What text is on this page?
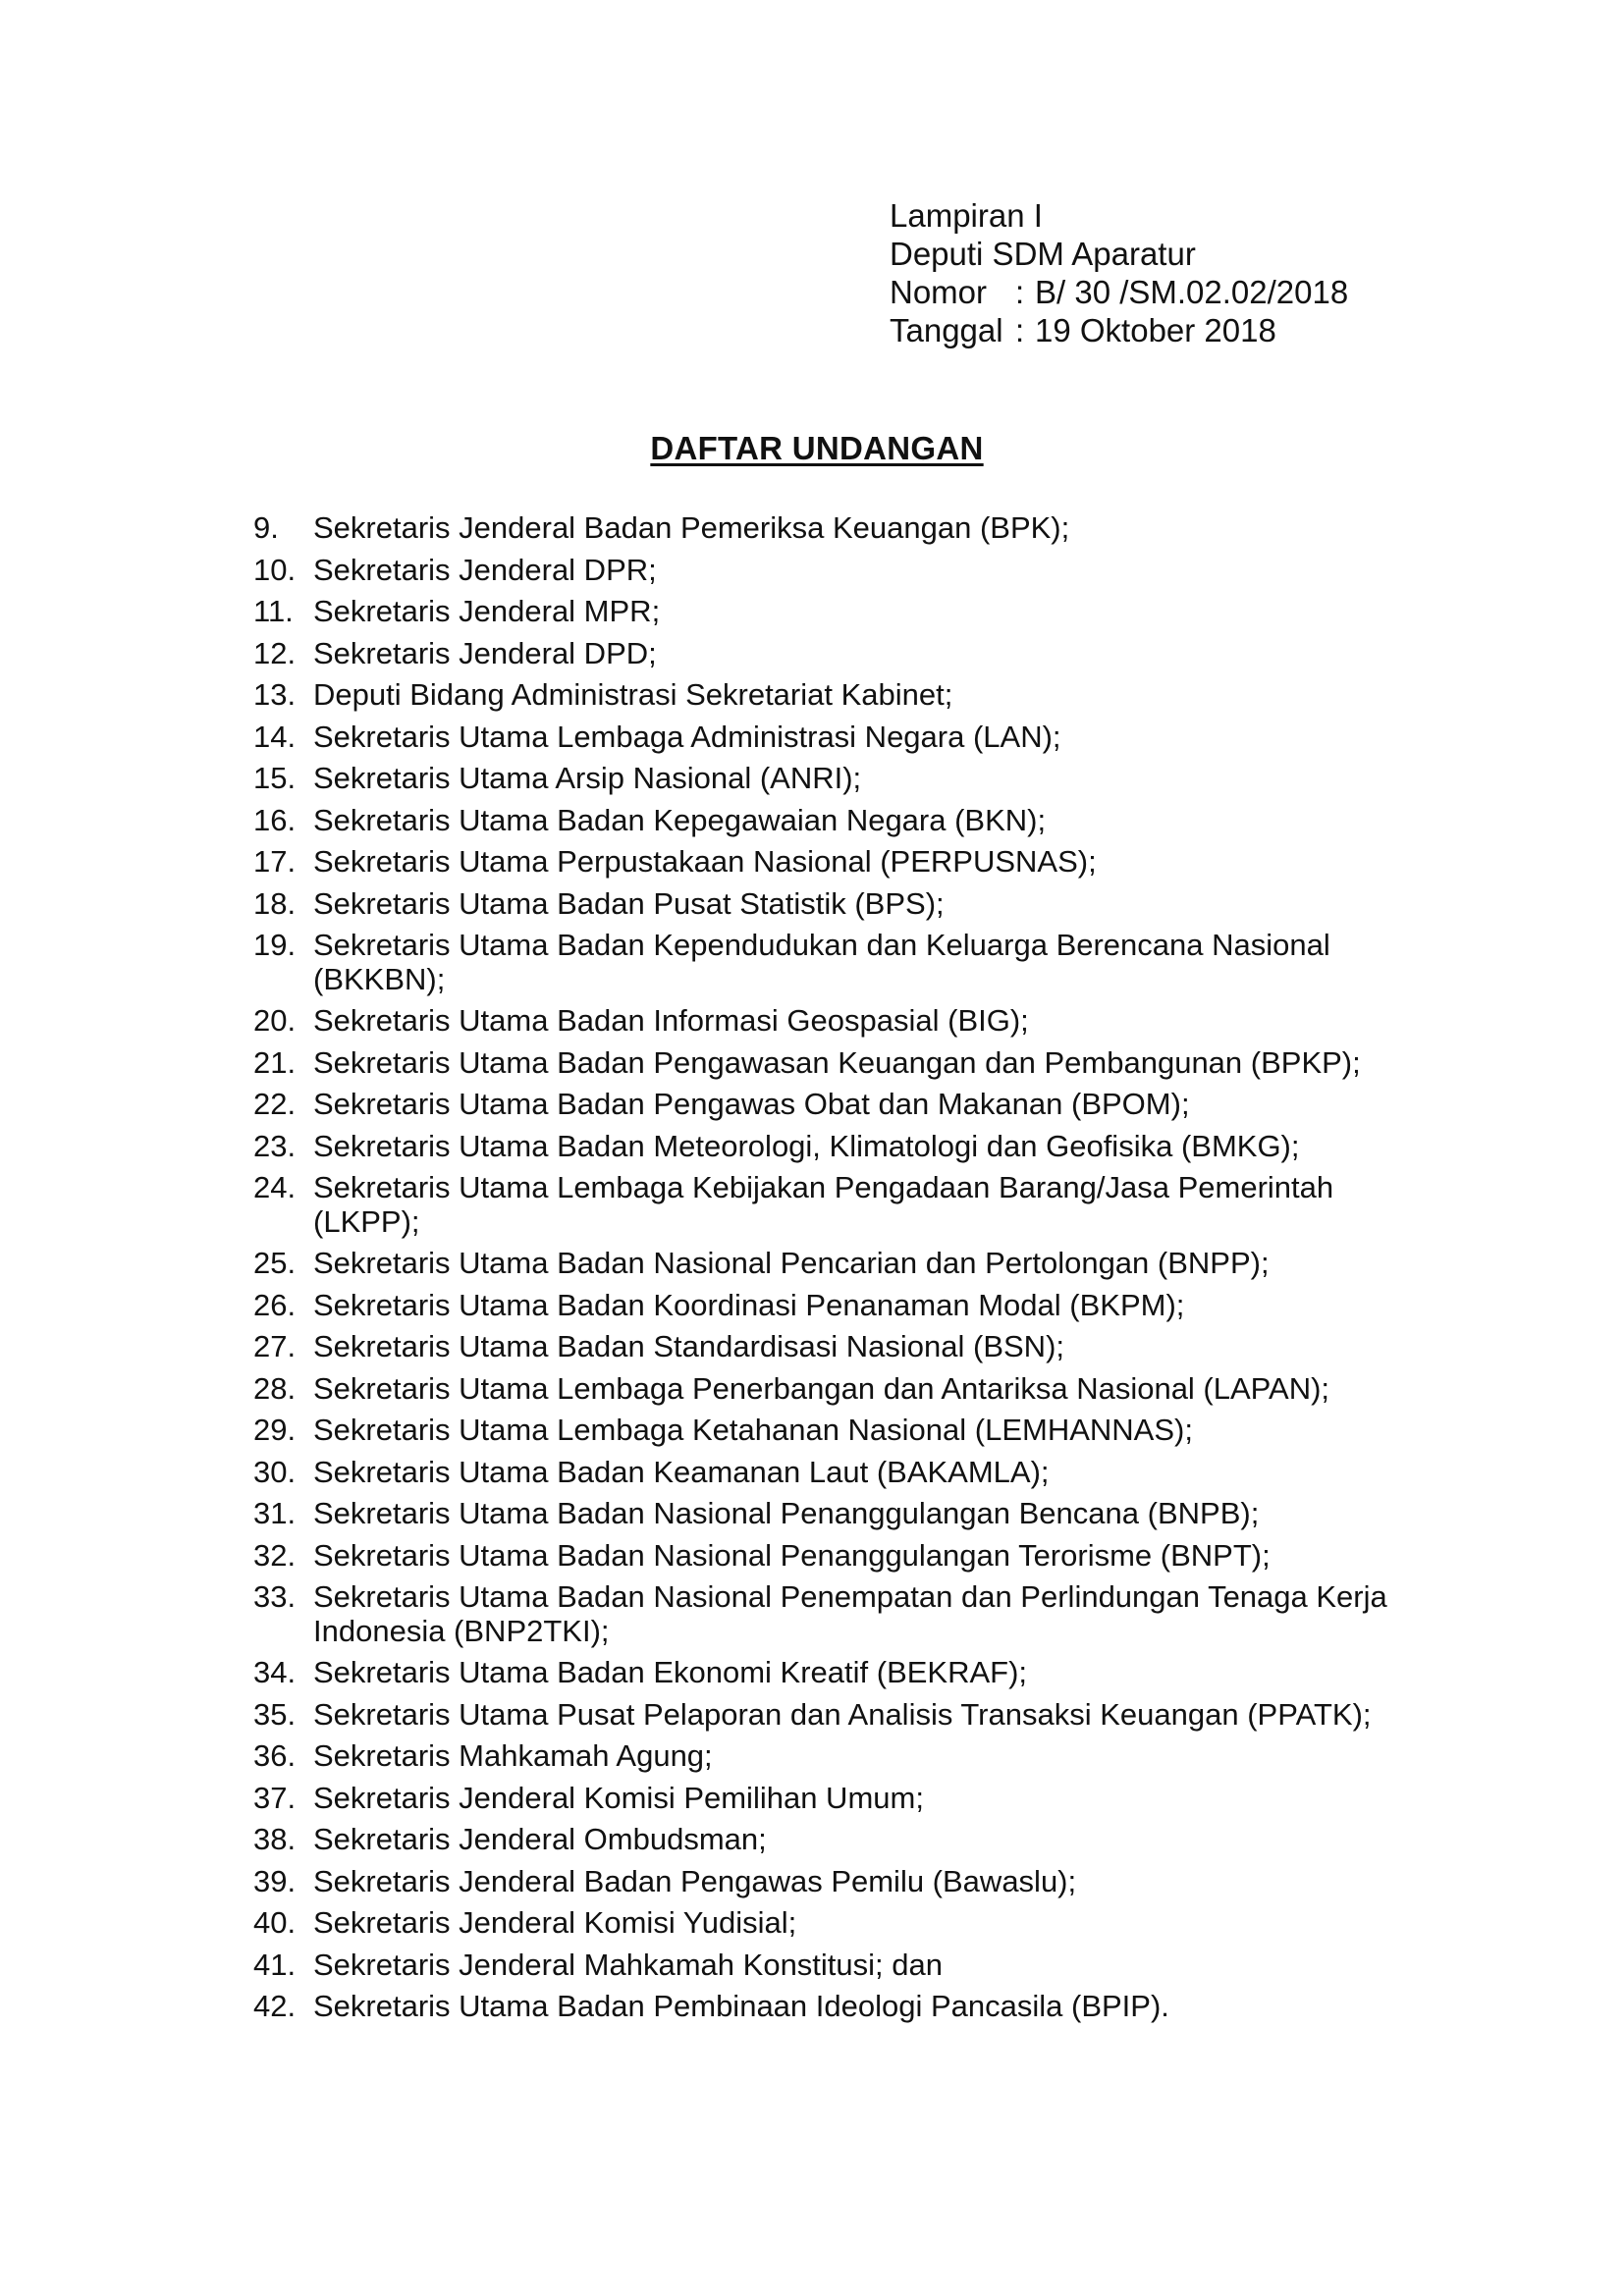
Lampiran I
Deputi SDM Aparatur
Nomor : B/ 30 /SM.02.02/2018
Tanggal : 19 Oktober 2018
DAFTAR UNDANGAN
9.	Sekretaris Jenderal Badan Pemeriksa Keuangan (BPK);
10. Sekretaris Jenderal DPR;
11. Sekretaris Jenderal MPR;
12. Sekretaris Jenderal DPD;
13. Deputi Bidang Administrasi Sekretariat Kabinet;
14. Sekretaris Utama Lembaga Administrasi Negara (LAN);
15. Sekretaris Utama Arsip Nasional (ANRI);
16. Sekretaris Utama Badan Kepegawaian Negara (BKN);
17. Sekretaris Utama Perpustakaan Nasional (PERPUSNAS);
18. Sekretaris Utama Badan Pusat Statistik (BPS);
19. Sekretaris Utama Badan Kependudukan dan Keluarga Berencana Nasional (BKKBN);
20. Sekretaris Utama Badan Informasi Geospasial (BIG);
21. Sekretaris Utama Badan Pengawasan Keuangan dan Pembangunan (BPKP);
22. Sekretaris Utama Badan Pengawas Obat dan Makanan (BPOM);
23. Sekretaris Utama Badan Meteorologi, Klimatologi dan Geofisika (BMKG);
24. Sekretaris Utama Lembaga Kebijakan Pengadaan Barang/Jasa Pemerintah (LKPP);
25. Sekretaris Utama Badan Nasional Pencarian dan Pertolongan (BNPP);
26. Sekretaris Utama Badan Koordinasi Penanaman Modal (BKPM);
27. Sekretaris Utama Badan Standardisasi Nasional (BSN);
28. Sekretaris Utama Lembaga Penerbangan dan Antariksa Nasional (LAPAN);
29. Sekretaris Utama Lembaga Ketahanan Nasional (LEMHANNAS);
30. Sekretaris Utama Badan Keamanan Laut (BAKAMLA);
31. Sekretaris Utama Badan Nasional Penanggulangan Bencana (BNPB);
32. Sekretaris Utama Badan Nasional Penanggulangan Terorisme (BNPT);
33. Sekretaris Utama Badan Nasional Penempatan dan Perlindungan Tenaga Kerja Indonesia (BNP2TKI);
34. Sekretaris Utama Badan Ekonomi Kreatif (BEKRAF);
35. Sekretaris Utama Pusat Pelaporan dan Analisis Transaksi Keuangan (PPATK);
36. Sekretaris Mahkamah Agung;
37. Sekretaris Jenderal Komisi Pemilihan Umum;
38. Sekretaris Jenderal Ombudsman;
39. Sekretaris Jenderal Badan Pengawas Pemilu (Bawaslu);
40. Sekretaris Jenderal Komisi Yudisial;
41. Sekretaris Jenderal Mahkamah Konstitusi; dan
42. Sekretaris Utama Badan Pembinaan Ideologi Pancasila (BPIP).
